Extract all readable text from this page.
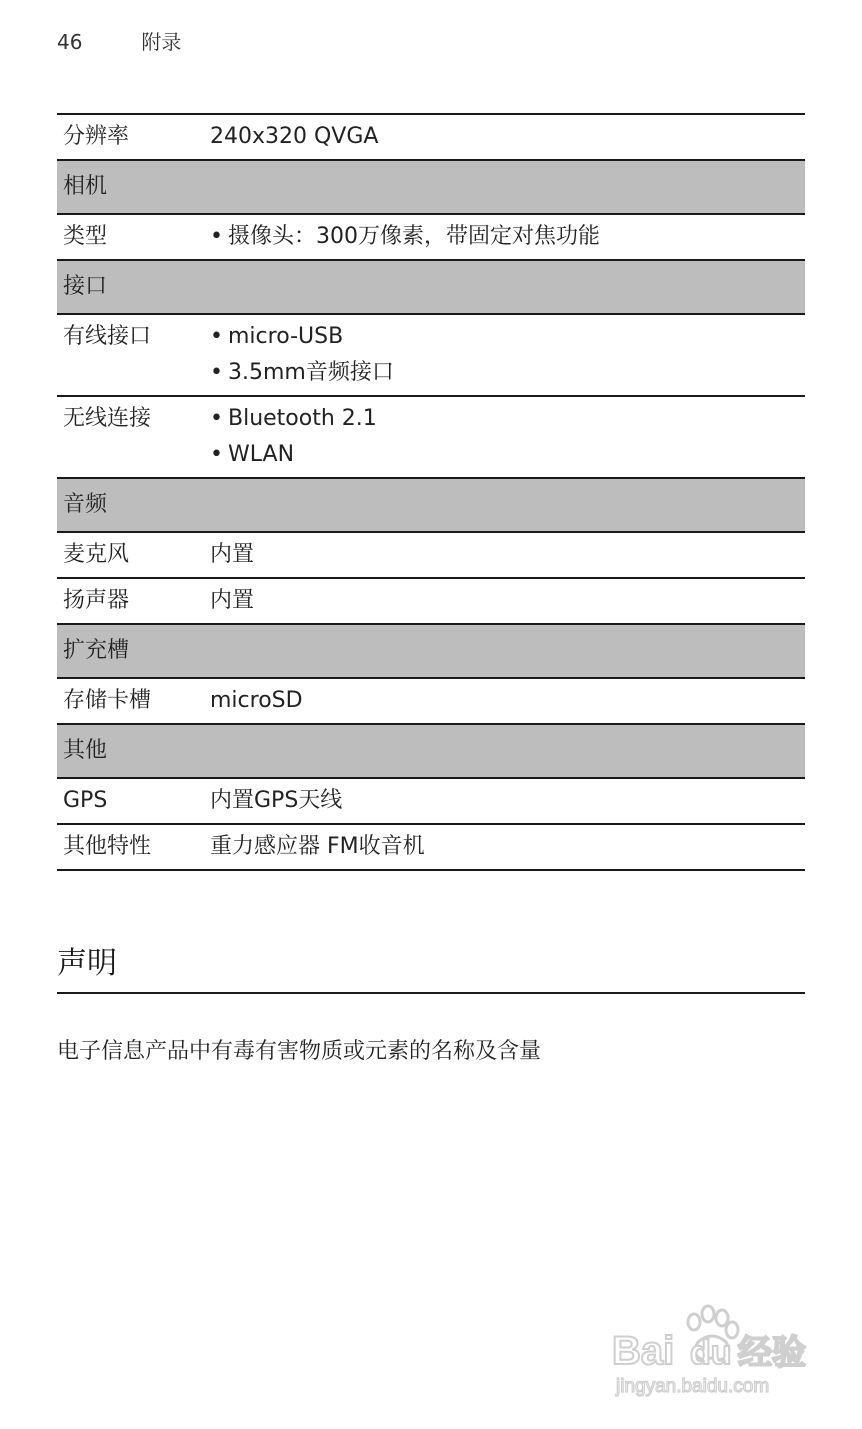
46	附录
分辨率	240x320 QVGA

相机	
类型	• 摄像头：300万像素，带固定对焦功能

接口	
有线接口	• micro-USB
• 3.5mm音频接口

无线连接	• Bluetooth 2.1
• WLAN

音频	
麦克风	内置

扬声器	内置

扩充槽	
存储卡槽	microSD

其他	
GPS	内置GPS天线

其他特性	重力感应器 FM收音机
声明
电子信息产品中有毒有害物质或元素的名称及含量
Bai du 经验
jingyan.baidu.com
